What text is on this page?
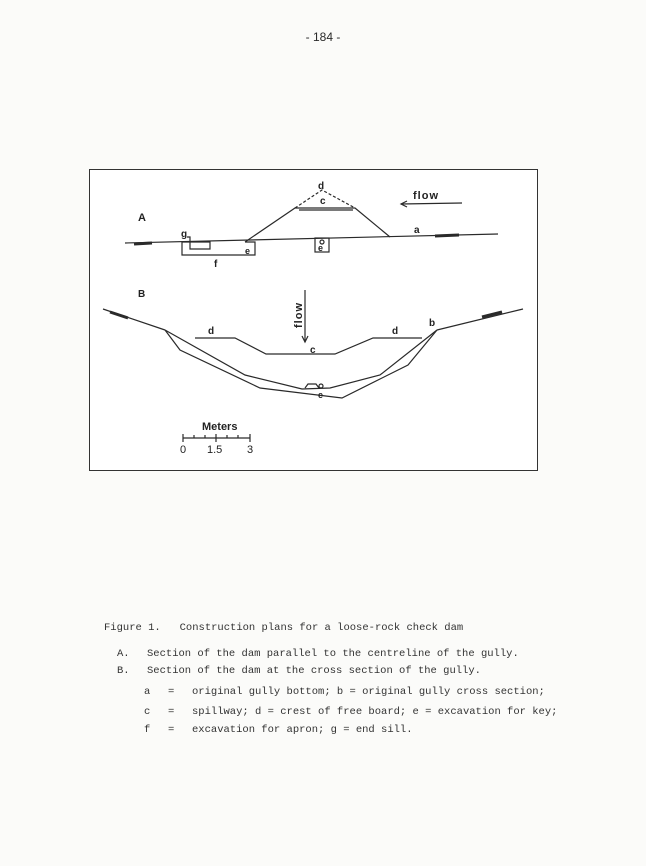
- 184 -
A
d
c
g
e	e
f
a
flow
B
d	d
b
c
e
flow
Meters
0 1.5 3
Figure 1. Construction plans for a loose-rock check dam
A. Section of the dam parallel to the centreline of the gully.
B. Section of the dam at the cross section of the gully.
a = original gully bottom; b = original gully cross section;
c = spillway; d = crest of free board; e = excavation for key;
f = excavation for apron; g = end sill.
